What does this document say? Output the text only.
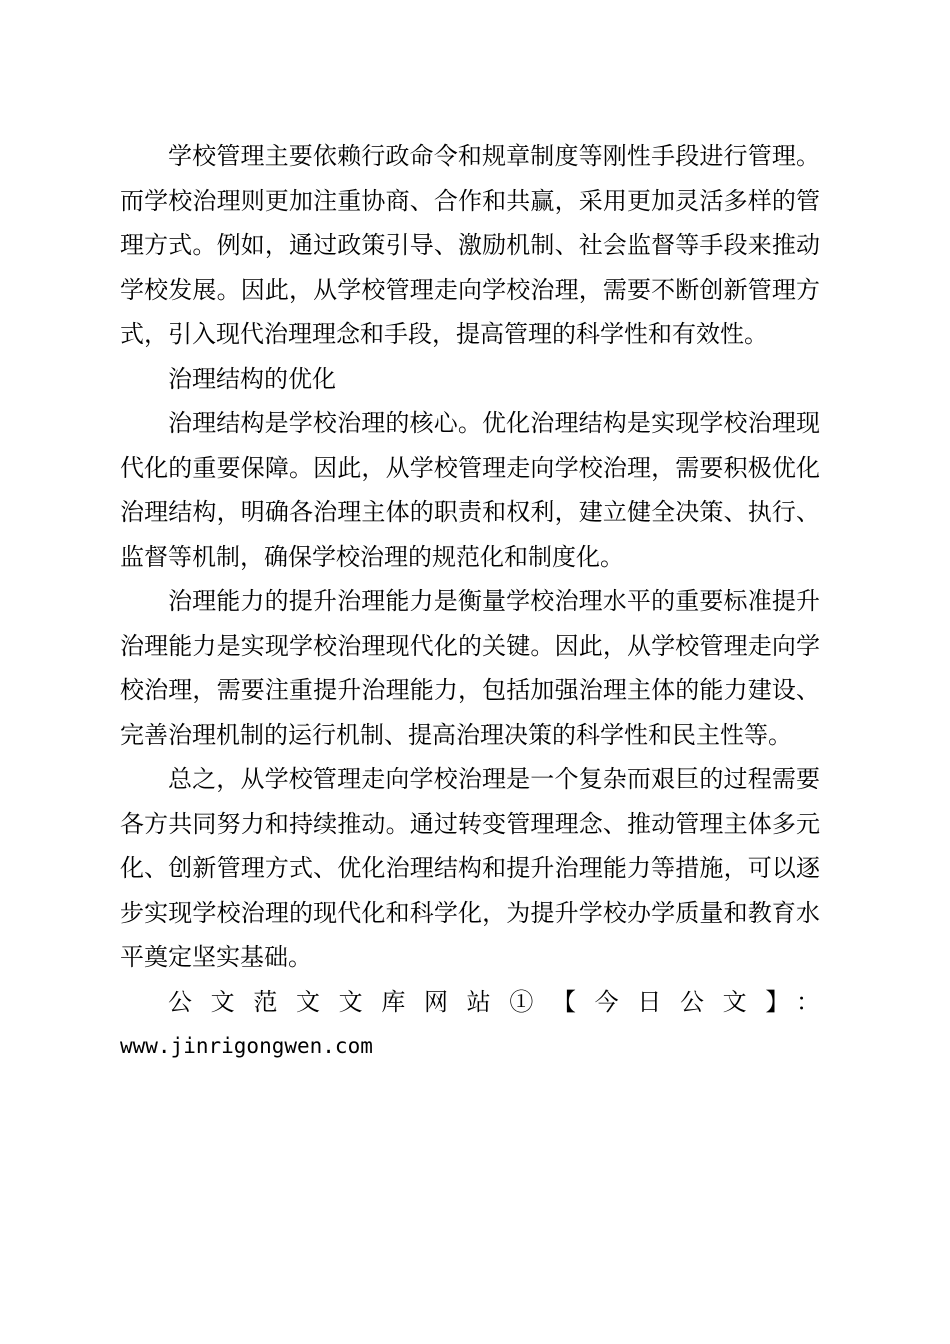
学校管理主要依赖行政命令和规章制度等刚性手段进行管理。而学校治理则更加注重协商、合作和共赢，采用更加灵活多样的管理方式。例如，通过政策引导、激励机制、社会监督等手段来推动学校发展。因此，从学校管理走向学校治理，需要不断创新管理方式，引入现代治理理念和手段，提高管理的科学性和有效性。

治理结构的优化

治理结构是学校治理的核心。优化治理结构是实现学校治理现代化的重要保障。因此，从学校管理走向学校治理，需要积极优化治理结构，明确各治理主体的职责和权利，建立健全决策、执行、监督等机制，确保学校治理的规范化和制度化。

治理能力的提升治理能力是衡量学校治理水平的重要标准提升治理能力是实现学校治理现代化的关键。因此，从学校管理走向学校治理，需要注重提升治理能力，包括加强治理主体的能力建设、完善治理机制的运行机制、提高治理决策的科学性和民主性等。

总之，从学校管理走向学校治理是一个复杂而艰巨的过程需要各方共同努力和持续推动。通过转变管理理念、推动管理主体多元化、创新管理方式、优化治理结构和提升治理能力等措施，可以逐步实现学校治理的现代化和科学化，为提升学校办学质量和教育水平奠定坚实基础。

公文范文文库网站①【今日公文】：

www.jinrigongwen.com
